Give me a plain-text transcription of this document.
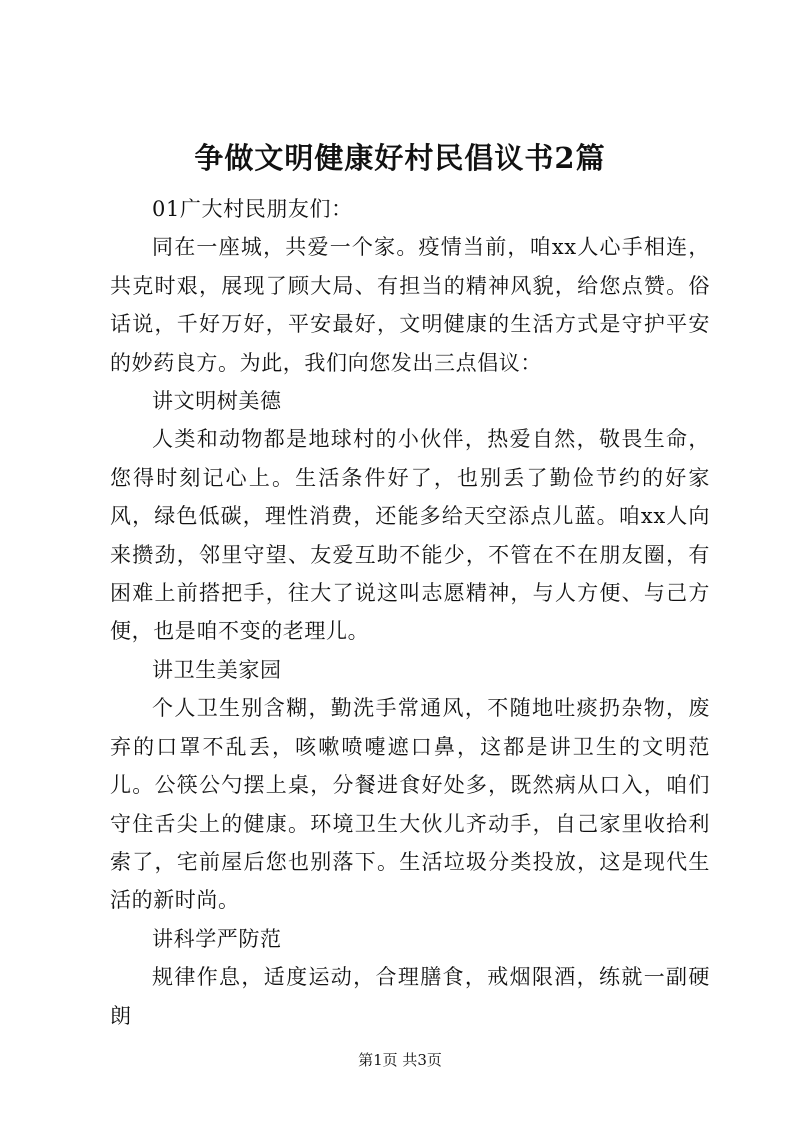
争做文明健康好村民倡议书2篇

01广大村民朋友们：

同在一座城，共爱一个家。疫情当前，咱xx人心手相连，共克时艰，展现了顾大局、有担当的精神风貌，给您点赞。俗话说，千好万好，平安最好，文明健康的生活方式是守护平安的妙药良方。为此，我们向您发出三点倡议：

讲文明树美德

人类和动物都是地球村的小伙伴，热爱自然，敬畏生命，您得时刻记心上。生活条件好了，也别丢了勤俭节约的好家风，绿色低碳，理性消费，还能多给天空添点儿蓝。咱xx人向来攒劲，邻里守望、友爱互助不能少，不管在不在朋友圈，有困难上前搭把手，往大了说这叫志愿精神，与人方便、与己方便，也是咱不变的老理儿。

讲卫生美家园

个人卫生别含糊，勤洗手常通风，不随地吐痰扔杂物，废弃的口罩不乱丢，咳嗽喷嚏遮口鼻，这都是讲卫生的文明范儿。公筷公勺摆上桌，分餐进食好处多，既然病从口入，咱们守住舌尖上的健康。环境卫生大伙儿齐动手，自己家里收拾利索了，宅前屋后您也别落下。生活垃圾分类投放，这是现代生活的新时尚。

讲科学严防范

规律作息，适度运动，合理膳食，戒烟限酒，练就一副硬朗

第1页 共3页
